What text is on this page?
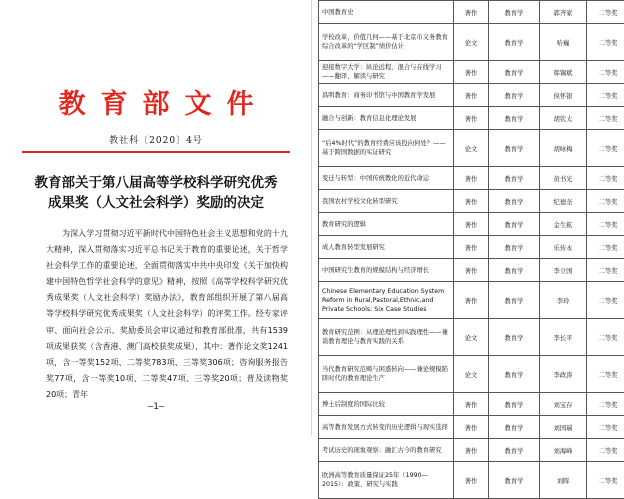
教育部文件
教社科〔2020〕4号
教育部关于第八届高等学校科学研究优秀
成果奖（人文社会科学）奖励的决定

为深入学习贯彻习近平新时代中国特色社会主义思想和党的十九大精神，深入贯彻落实习近平总书记关于教育的重要论述，关于哲学社会科学工作的重要论述，全面贯彻落实中共中央印发《关于加快构建中国特色哲学社会科学的意见》精神，按照《高等学校科学研究优秀成果奖（人文社会科学）奖励办法》，教育部组织开展了第八届高等学校科学研究优秀成果奖（人文社会科学）的评奖工作。经专家评审、面向社会公示、奖励委员会审议通过和教育部批准，共有1539项成果获奖（含香港、澳门高校获奖成果），其中：著作论文奖1241项，含一等奖152项、二等奖783项、三等奖306项；咨询服务报告奖77项，含一等奖10项、二等奖47项、三等奖20项；普及读物奖20项；青年

—1—
中国教育史	著作	教育学	郭齐家	二等奖
学校改革，价值几何——基于北京市义务教育综合改革的“学区制”绩价估计	论文	教育学	哈巍	二等奖
迎接数字大学：纵论远程、混合与在线学习——翻译、解读与研究	著作	教育学	韩锡斌	二等奖
昌明教育：商务印书馆与中国教育学发展	著作	教育学	侯怀银	二等奖
融合与创新：教育信息化理论发展	著作	教育学	胡钦太	二等奖
“后4%时代”的教育经费应该投向何处？——基于跨国数据的实证研究	论文	教育学	胡咏梅	二等奖
变迁与转型：中国传统教化的近代命运	著作	教育学	黄书光	二等奖
我国农村学校文化转型研究	著作	教育学	纪德奎	二等奖
教育研究的逻辑	著作	教育学	金生鈜	二等奖
成人教育转型发展研究	著作	教育学	乐传永	二等奖
中国研究生教育的规模结构与经济增长	著作	教育学	李立国	二等奖
Chinese Elementary Education System Reform in Rural,Pastoral,Ethnic,and Private Schools: Six Case Studies	著作	教育学	李玲	二等奖
教育研究范例：从理论理性到实践理性——兼谈教育理论与教育实践的关系	论文	教育学	李长平	二等奖
当代教育研究范畴与困惑转向——兼论规模陷阱时代的教育理论生产	论文	教育学	李政涛	二等奖
博士后制度的国际比较	著作	教育学	刘宝存	二等奖
高等教育发展方式转变的历史逻辑与现实选择	著作	教育学	刘国瑞	二等奖
考试历史的现象观察：融汇古今的教育研究	著作	教育学	刘海峰	二等奖
欧洲高等教育质量保证25年（1990—2015）：政策、研究与实践	著作	教育学	刘晖	二等奖
